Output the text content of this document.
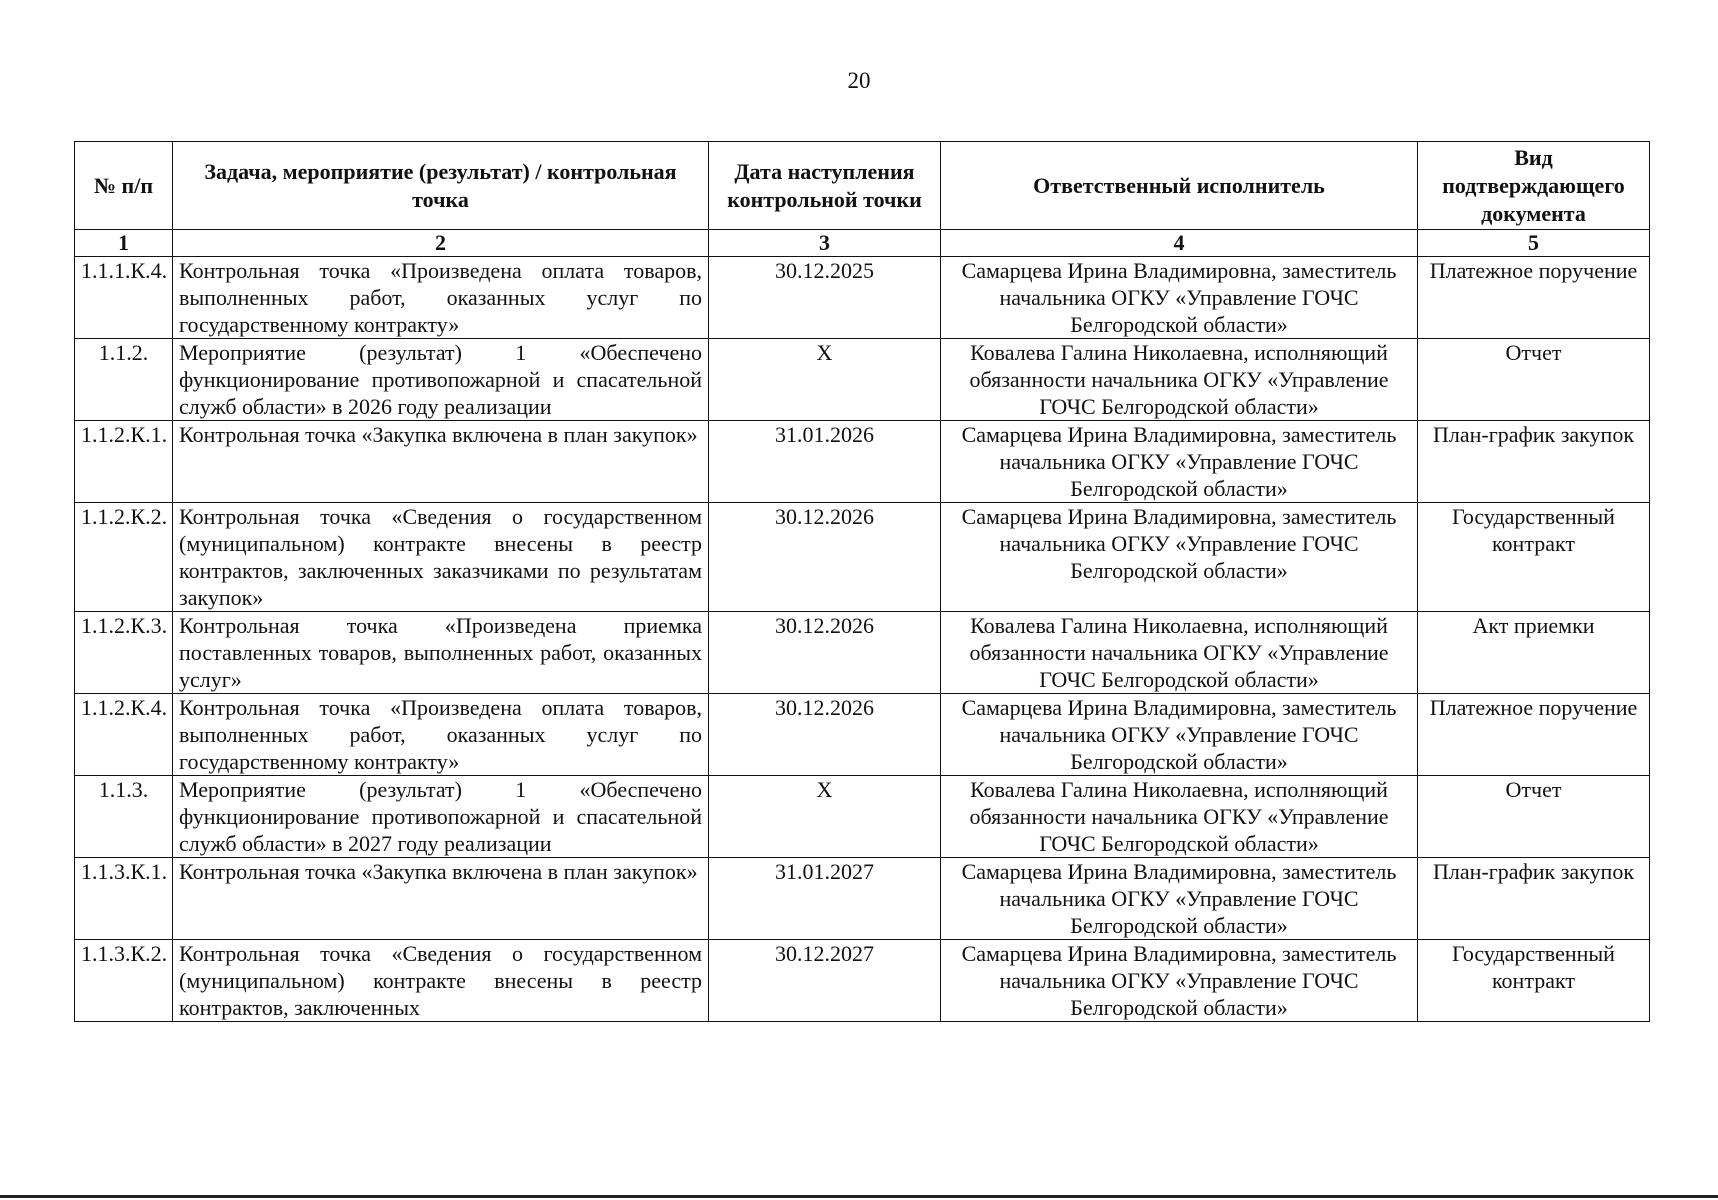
20
№ п/п	Задача, мероприятие (результат) / контрольная точка	Дата наступления контрольной точки	Ответственный исполнитель	Вид подтверждающего документа
1	2	3	4	5
1.1.1.К.4.	Контрольная точка «Произведена оплата товаров, выполненных работ, оказанных услуг по государственному контракту»	30.12.2025	Самарцева Ирина Владимировна, заместитель начальника ОГКУ «Управление ГОЧС Белгородской области»	Платежное поручение
1.1.2.	Мероприятие (результат) 1 «Обеспечено функционирование противопожарной и спасательной служб области» в 2026 году реализации	X	Ковалева Галина Николаевна, исполняющий обязанности начальника ОГКУ «Управление ГОЧС Белгородской области»	Отчет
1.1.2.К.1.	Контрольная точка «Закупка включена в план закупок»	31.01.2026	Самарцева Ирина Владимировна, заместитель начальника ОГКУ «Управление ГОЧС Белгородской области»	План-график закупок
1.1.2.К.2.	Контрольная точка «Сведения о государственном (муниципальном) контракте внесены в реестр контрактов, заключенных заказчиками по результатам закупок»	30.12.2026	Самарцева Ирина Владимировна, заместитель начальника ОГКУ «Управление ГОЧС Белгородской области»	Государственный контракт
1.1.2.К.3.	Контрольная точка «Произведена приемка поставленных товаров, выполненных работ, оказанных услуг»	30.12.2026	Ковалева Галина Николаевна, исполняющий обязанности начальника ОГКУ «Управление ГОЧС Белгородской области»	Акт приемки
1.1.2.К.4.	Контрольная точка «Произведена оплата товаров, выполненных работ, оказанных услуг по государственному контракту»	30.12.2026	Самарцева Ирина Владимировна, заместитель начальника ОГКУ «Управление ГОЧС Белгородской области»	Платежное поручение
1.1.3.	Мероприятие (результат) 1 «Обеспечено функционирование противопожарной и спасательной служб области» в 2027 году реализации	X	Ковалева Галина Николаевна, исполняющий обязанности начальника ОГКУ «Управление ГОЧС Белгородской области»	Отчет
1.1.3.К.1.	Контрольная точка «Закупка включена в план закупок»	31.01.2027	Самарцева Ирина Владимировна, заместитель начальника ОГКУ «Управление ГОЧС Белгородской области»	План-график закупок
1.1.3.К.2.	Контрольная точка «Сведения о государственном (муниципальном) контракте внесены в реестр контрактов, заключенных	30.12.2027	Самарцева Ирина Владимировна, заместитель начальника ОГКУ «Управление ГОЧС Белгородской области»	Государственный контракт
